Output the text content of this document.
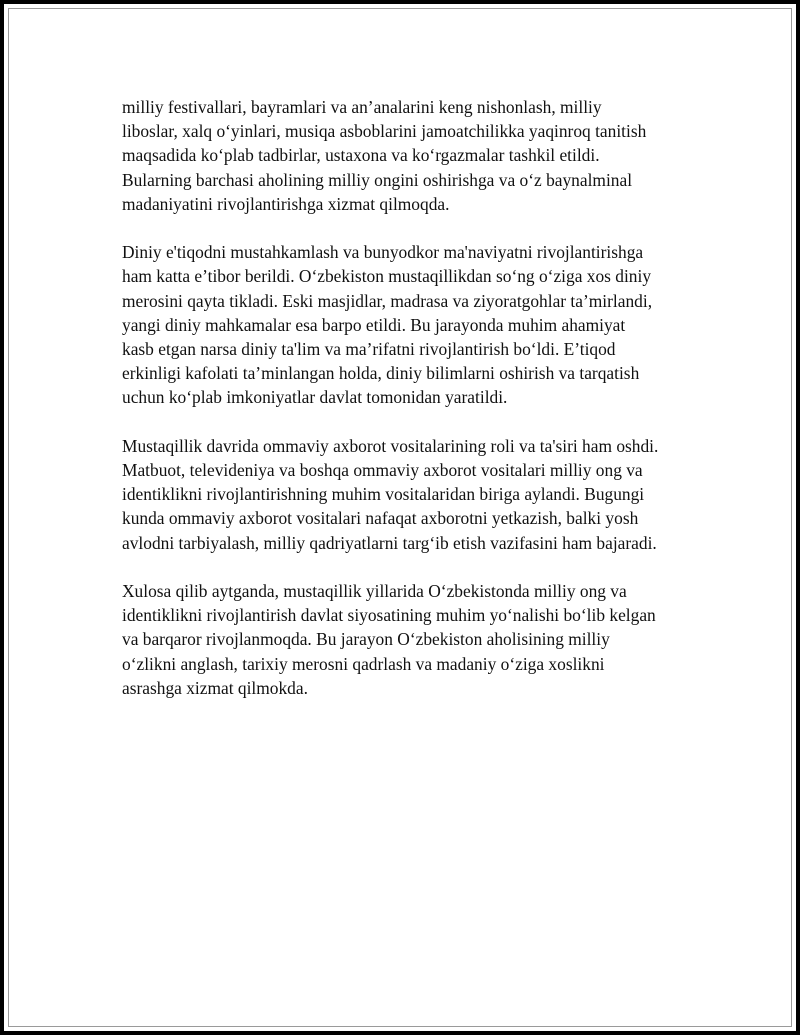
milliy festivallari, bayramlari va an’analarini keng nishonlash, milliy
liboslar, xalq o‘yinlari, musiqa asboblarini jamoatchilikka yaqinroq tanitish
maqsadida ko‘plab tadbirlar, ustaxona va ko‘rgazmalar tashkil etildi.
Bularning barchasi aholining milliy ongini oshirishga va o‘z baynalminal
madaniyatini rivojlantirishga xizmat qilmoqda.

Diniy e'tiqodni mustahkamlash va bunyodkor ma'naviyatni rivojlantirishga
ham katta e’tibor berildi. O‘zbekiston mustaqillikdan so‘ng o‘ziga xos diniy
merosini qayta tikladi. Eski masjidlar, madrasa va ziyoratgohlar ta’mirlandi,
yangi diniy mahkamalar esa barpo etildi. Bu jarayonda muhim ahamiyat
kasb etgan narsa diniy ta'lim va ma’rifatni rivojlantirish bo‘ldi. E’tiqod
erkinligi kafolati ta’minlangan holda, diniy bilimlarni oshirish va tarqatish
uchun ko‘plab imkoniyatlar davlat tomonidan yaratildi.

Mustaqillik davrida ommaviy axborot vositalarining roli va ta'siri ham oshdi.
Matbuot, televideniya va boshqa ommaviy axborot vositalari milliy ong va
identiklikni rivojlantirishning muhim vositalaridan biriga aylandi. Bugungi
kunda ommaviy axborot vositalari nafaqat axborotni yetkazish, balki yosh
avlodni tarbiyalash, milliy qadriyatlarni targ‘ib etish vazifasini ham bajaradi.

Xulosa qilib aytganda, mustaqillik yillarida O‘zbekistonda milliy ong va
identiklikni rivojlantirish davlat siyosatining muhim yo‘nalishi bo‘lib kelgan
va barqaror rivojlanmoqda. Bu jarayon O‘zbekiston aholisining milliy
o‘zlikni anglash, tarixiy merosni qadrlash va madaniy o‘ziga xoslikni
asrashga xizmat qilmokda.
